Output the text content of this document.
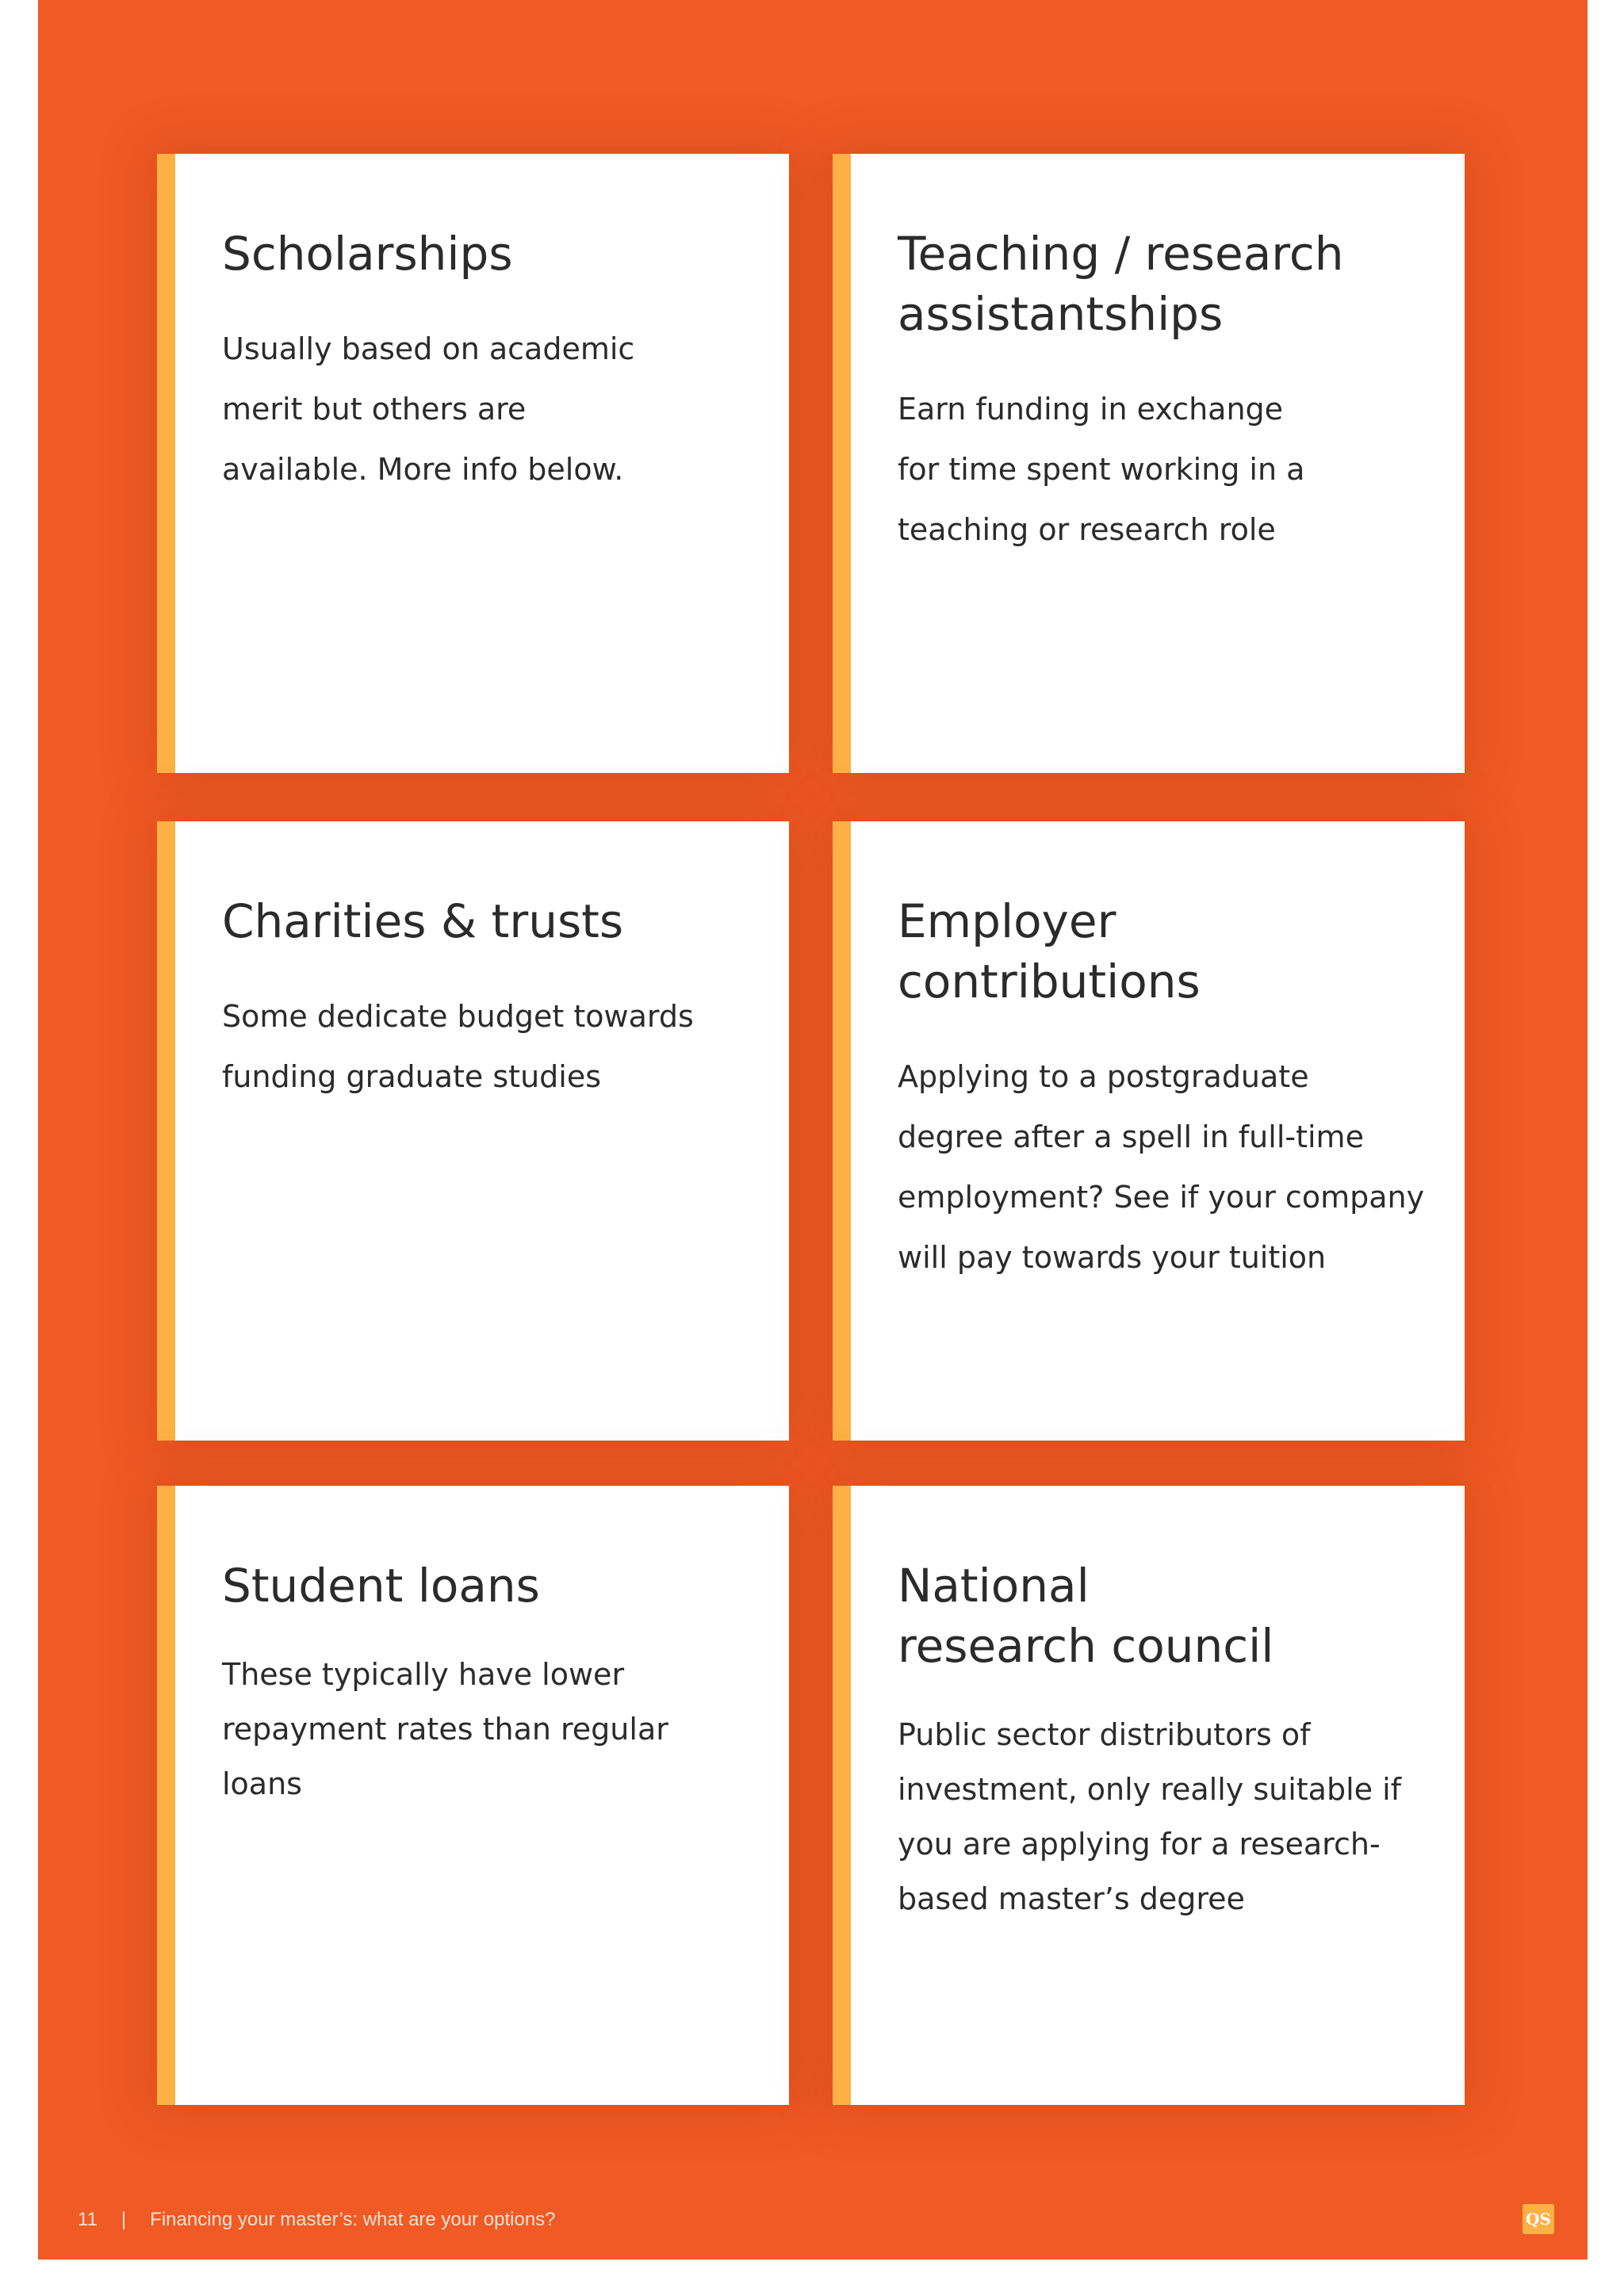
Scholarships

Usually based on academic
merit but others are
available. More info below.

Teaching / research
assistantships

Earn funding in exchange
for time spent working in a
teaching or research role

Charities & trusts

Some dedicate budget towards
funding graduate studies

Employer
contributions

Applying to a postgraduate
degree after a spell in full-time
employment? See if your company
will pay towards your tuition

Student loans

These typically have lower
repayment rates than regular loans

National
research council

Public sector distributors of
investment, only really suitable if
you are applying for a research-
based master’s degree

11 | Financing your master’s: what are your options?	QS
